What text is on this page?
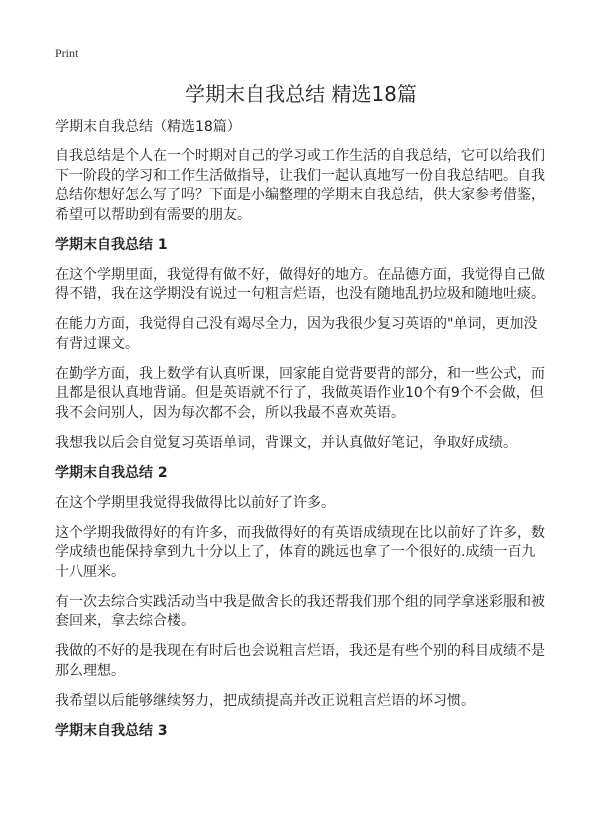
Print
学期末自我总结 精选18篇
学期末自我总结（精选18篇）

自我总结是个人在一个时期对自己的学习或工作生活的自我总结，它可以给我们下一阶段的学习和工作生活做指导，让我们一起认真地写一份自我总结吧。自我总结你想好怎么写了吗？下面是小编整理的学期末自我总结，供大家参考借鉴，希望可以帮助到有需要的朋友。

学期末自我总结 1

在这个学期里面，我觉得有做不好，做得好的地方。在品德方面，我觉得自己做得不错，我在这学期没有说过一句粗言烂语，也没有随地乱扔垃圾和随地吐痰。

在能力方面，我觉得自己没有竭尽全力，因为我很少复习英语的"单词，更加没有背过课文。

在勤学方面，我上数学有认真听课，回家能自觉背要背的部分，和一些公式，而且都是很认真地背诵。但是英语就不行了，我做英语作业10个有9个不会做，但我不会问别人，因为每次都不会，所以我最不喜欢英语。

我想我以后会自觉复习英语单词，背课文，并认真做好笔记，争取好成绩。

学期末自我总结 2

在这个学期里我觉得我做得比以前好了许多。

这个学期我做得好的有许多，而我做得好的有英语成绩现在比以前好了许多，数学成绩也能保持拿到九十分以上了，体育的跳远也拿了一个很好的.成绩一百九十八厘米。

有一次去综合实践活动当中我是做舍长的我还帮我们那个组的同学拿迷彩服和被套回来，拿去综合楼。

我做的不好的是我现在有时后也会说粗言烂语，我还是有些个别的科目成绩不是那么理想。

我希望以后能够继续努力，把成绩提高并改正说粗言烂语的坏习惯。

学期末自我总结 3
